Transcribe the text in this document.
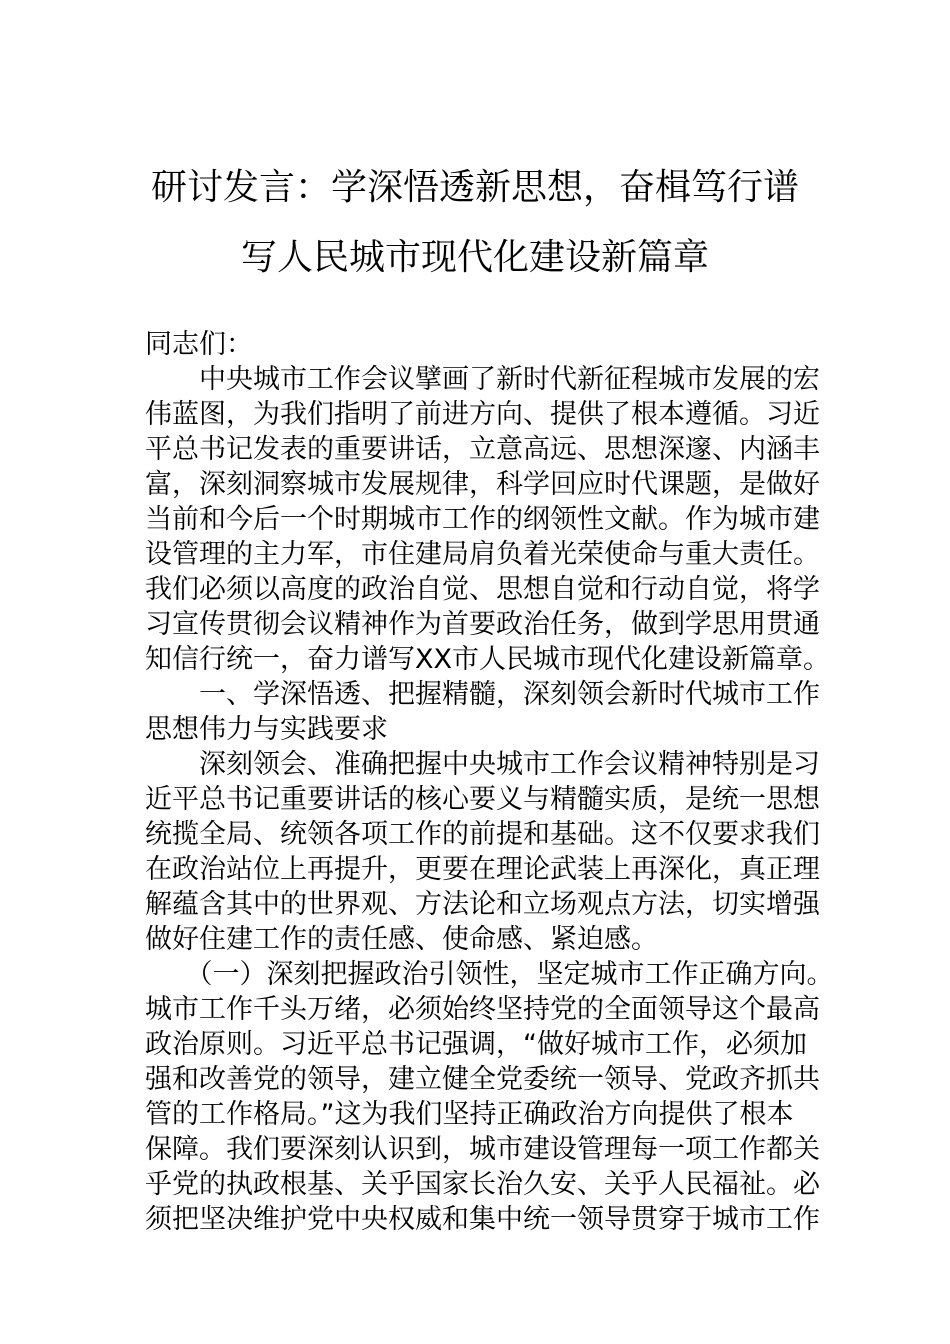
研讨发言：学深悟透新思想，奋楫笃行谱
写人民城市现代化建设新篇章
同志们：
　　中央城市工作会议擘画了新时代新征程城市发展的宏
伟蓝图，为我们指明了前进方向、提供了根本遵循。习近
平总书记发表的重要讲话，立意高远、思想深邃、内涵丰
富，深刻洞察城市发展规律，科学回应时代课题，是做好
当前和今后一个时期城市工作的纲领性文献。作为城市建
设管理的主力军，市住建局肩负着光荣使命与重大责任。
我们必须以高度的政治自觉、思想自觉和行动自觉，将学
习宣传贯彻会议精神作为首要政治任务，做到学思用贯通
知信行统一，奋力谱写XX市人民城市现代化建设新篇章。
　　一、学深悟透、把握精髓，深刻领会新时代城市工作
思想伟力与实践要求
　　深刻领会、准确把握中央城市工作会议精神特别是习
近平总书记重要讲话的核心要义与精髓实质，是统一思想
统揽全局、统领各项工作的前提和基础。这不仅要求我们
在政治站位上再提升，更要在理论武装上再深化，真正理
解蕴含其中的世界观、方法论和立场观点方法，切实增强
做好住建工作的责任感、使命感、紧迫感。
　　（一）深刻把握政治引领性，坚定城市工作正确方向。
城市工作千头万绪，必须始终坚持党的全面领导这个最高
政治原则。习近平总书记强调，“做好城市工作，必须加
强和改善党的领导，建立健全党委统一领导、党政齐抓共
管的工作格局。”这为我们坚持正确政治方向提供了根本
保障。我们要深刻认识到，城市建设管理每一项工作都关
乎党的执政根基、关乎国家长治久安、关乎人民福祉。必
须把坚决维护党中央权威和集中统一领导贯穿于城市工作
